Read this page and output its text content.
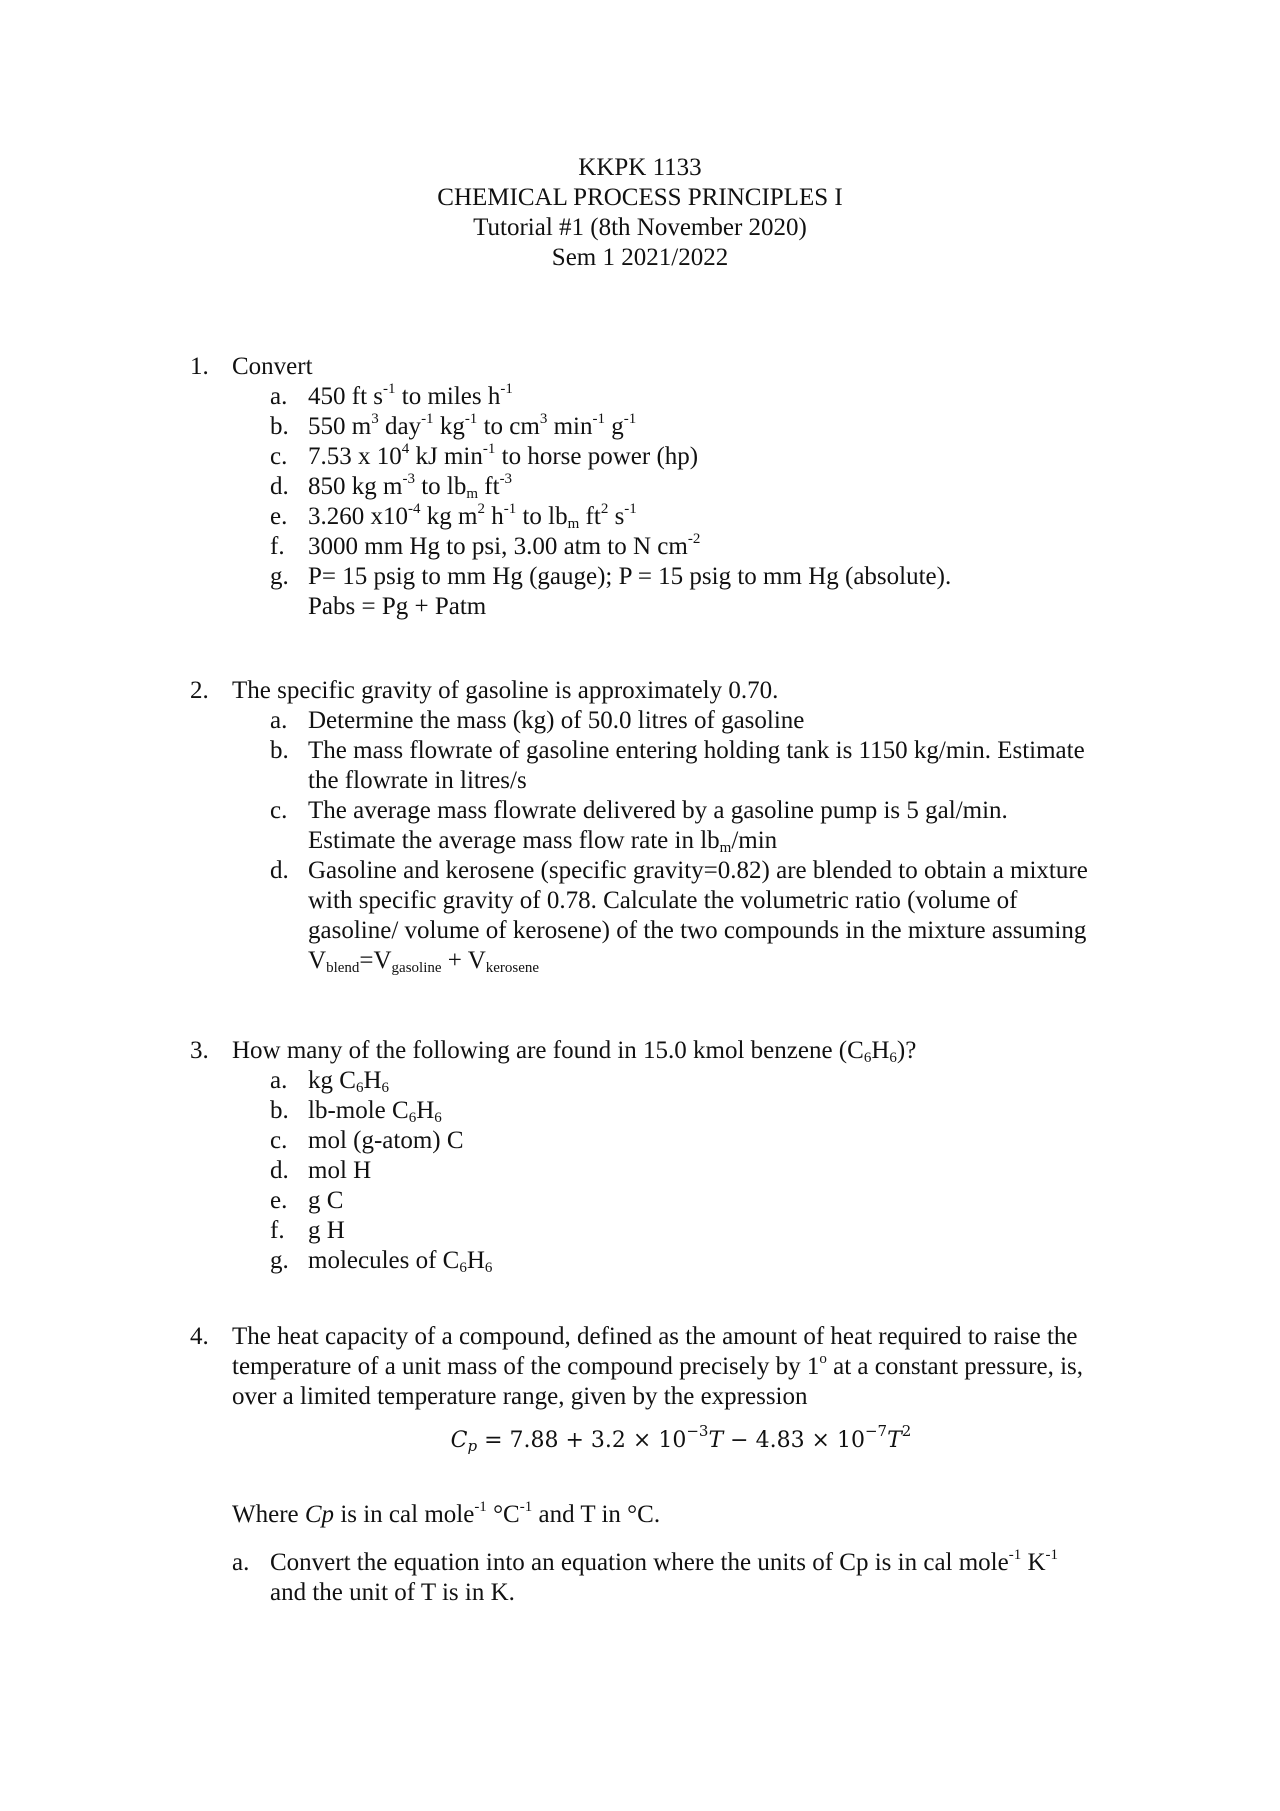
KKPK 1133
CHEMICAL PROCESS PRINCIPLES I
Tutorial #1 (8th November 2020)
Sem 1 2021/2022
1. Convert
a. 450 ft $s^{-1}$ to miles $h^{-1}$
b. 550 $m^3$ day$^{-1}$ $kg^{-1}$ to $cm^3$ $\min^{-1} g^{-1}$
c. 7.53 x $10^4$ kJ $\min^{-1}$ to horse power (hp)
d. 850 kg $m^{-3}$ to $lb_m$ $ft^{-3}$
e. 3.260 $x10^{-4}$ kg $m^2$ $h^{-1}$ to $lb_m$ $ft^2$ $s^{-1}$
f. 3000 mm Hg to psi, 3.00 atm to N $cm^{-2}$
g. P= 15 psig to mm Hg (gauge); P = 15 psig to mm Hg (absolute).
Pabs = Pg + Patm
2. The specific gravity of gasoline is approximately 0.70.
a. Determine the mass (kg) of 50.0 litres of gasoline
b. The mass flowrate of gasoline entering holding tank is 1150 kg/min. Estimate
the flowrate in litres/s
c. The average mass flowrate delivered by a gasoline pump is 5 gal/min.
Estimate the average mass flow rate in $lb_m/\min$
d. Gasoline and kerosene (specific gravity=0.82) are blended to obtain a mixture
with specific gravity of 0.78. Calculate the volumetric ratio (volume of
gasoline/ volume of kerosene) of the two compounds in the mixture assuming
$V_{blend}=V_{gasoline} + V_{kerosene}$
3. How many of the following are found in 15.0 kmol benzene $(C_6H_6)$?
a. kg $C_6H_6$
b. lb-mole $C_6H_6$
c. mol (g-atom) C
d. mol H
e. g C
f. g H
g. molecules of $C_6H_6$
4. The heat capacity of a compound, defined as the amount of heat required to raise the
temperature of a unit mass of the compound precisely by 1$^o$ at a constant pressure, is,
over a limited temperature range, given by the expression
$C_p = 7.88 + 3.2 \times 10^{-3}T - 4.83 \times 10^{-7}T^2$
Where Cp is in cal mole$^{-1}$ $^\circ C^{-1}$ and T in °C.
a. Convert the equation into an equation where the units of Cp is in cal mole$^{-1}$ $K^{-1}$
and the unit of T is in K.
